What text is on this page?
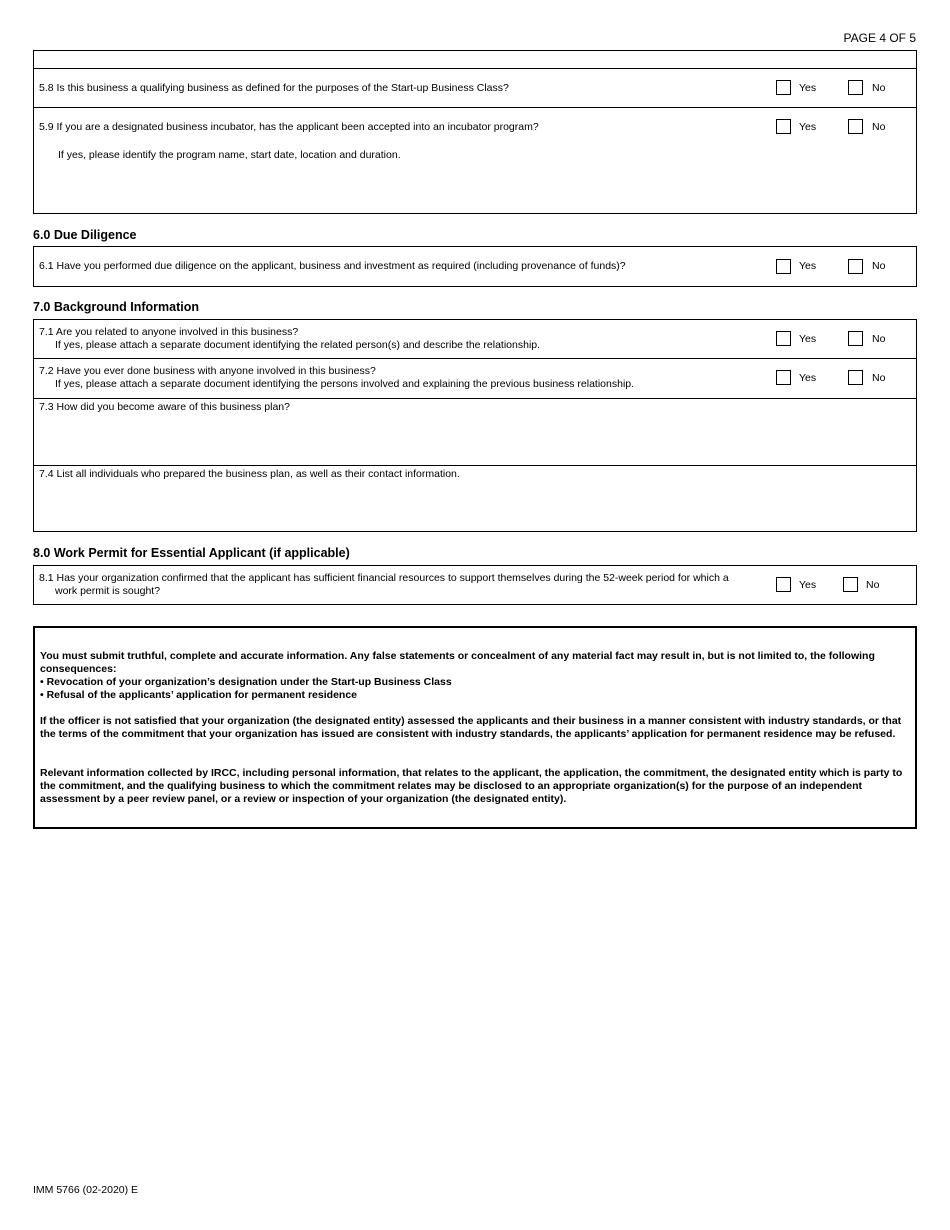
PAGE 4 OF 5
5.8 Is this business a qualifying business as defined for the purposes of the Start-up Business Class?	Yes	No
5.9 If you are a designated business incubator, has the applicant been accepted into an incubator program?	Yes	No
If yes, please identify the program name, start date, location and duration.
6.0 Due Diligence
6.1 Have you performed due diligence on the applicant, business and investment as required (including provenance of funds)?	Yes	No
7.0 Background Information
7.1 Are you related to anyone involved in this business?
If yes, please attach a separate document identifying the related person(s) and describe the relationship.	Yes	No
7.2 Have you ever done business with anyone involved in this business?
If yes, please attach a separate document identifying the persons involved and explaining the previous business relationship.	Yes	No
7.3 How did you become aware of this business plan?
7.4 List all individuals who prepared the business plan, as well as their contact information.
8.0 Work Permit for Essential Applicant (if applicable)
8.1 Has your organization confirmed that the applicant has sufficient financial resources to support themselves during the 52-week period for which a
work permit is sought?	Yes	No
You must submit truthful, complete and accurate information. Any false statements or concealment of any material fact may result in, but is not limited to, the following consequences:
• Revocation of your organization’s designation under the Start-up Business Class
• Refusal of the applicants’ application for permanent residence
If the officer is not satisfied that your organization (the designated entity) assessed the applicants and their business in a manner consistent with industry standards, or that the terms of the commitment that your organization has issued are consistent with industry standards, the applicants’ application for permanent residence may be refused.
Relevant information collected by IRCC, including personal information, that relates to the applicant, the application, the commitment, the designated entity which is party to the commitment, and the qualifying business to which the commitment relates may be disclosed to an appropriate organization(s) for the purpose of an independent assessment by a peer review panel, or a review or inspection of your organization (the designated entity).
IMM 5766 (02-2020) E
